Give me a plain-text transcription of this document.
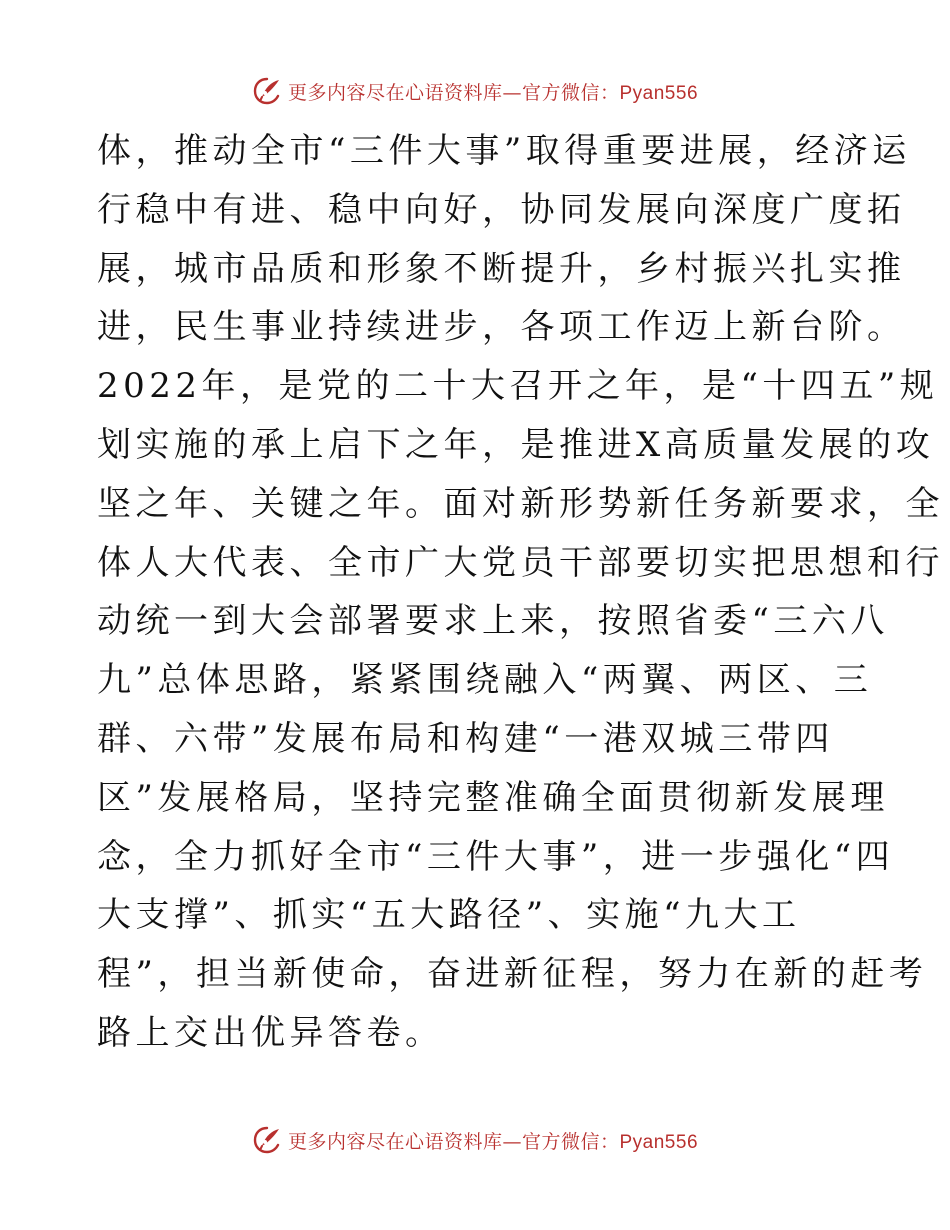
更多内容尽在心语资料库—官方微信：Pyan556
体，推动全市“三件大事”取得重要进展，经济运
行稳中有进、稳中向好，协同发展向深度广度拓
展，城市品质和形象不断提升，乡村振兴扎实推
进，民生事业持续进步，各项工作迈上新台阶。
2022年，是党的二十大召开之年，是“十四五”规
划实施的承上启下之年，是推进X高质量发展的攻
坚之年、关键之年。面对新形势新任务新要求，全
体人大代表、全市广大党员干部要切实把思想和行
动统一到大会部署要求上来，按照省委“三六八
九”总体思路，紧紧围绕融入“两翼、两区、三
群、六带”发展布局和构建“一港双城三带四
区”发展格局，坚持完整准确全面贯彻新发展理
念，全力抓好全市“三件大事”，进一步强化“四
大支撑”、抓实“五大路径”、实施“九大工
程”，担当新使命，奋进新征程，努力在新的赶考
路上交出优异答卷。
更多内容尽在心语资料库—官方微信：Pyan556
